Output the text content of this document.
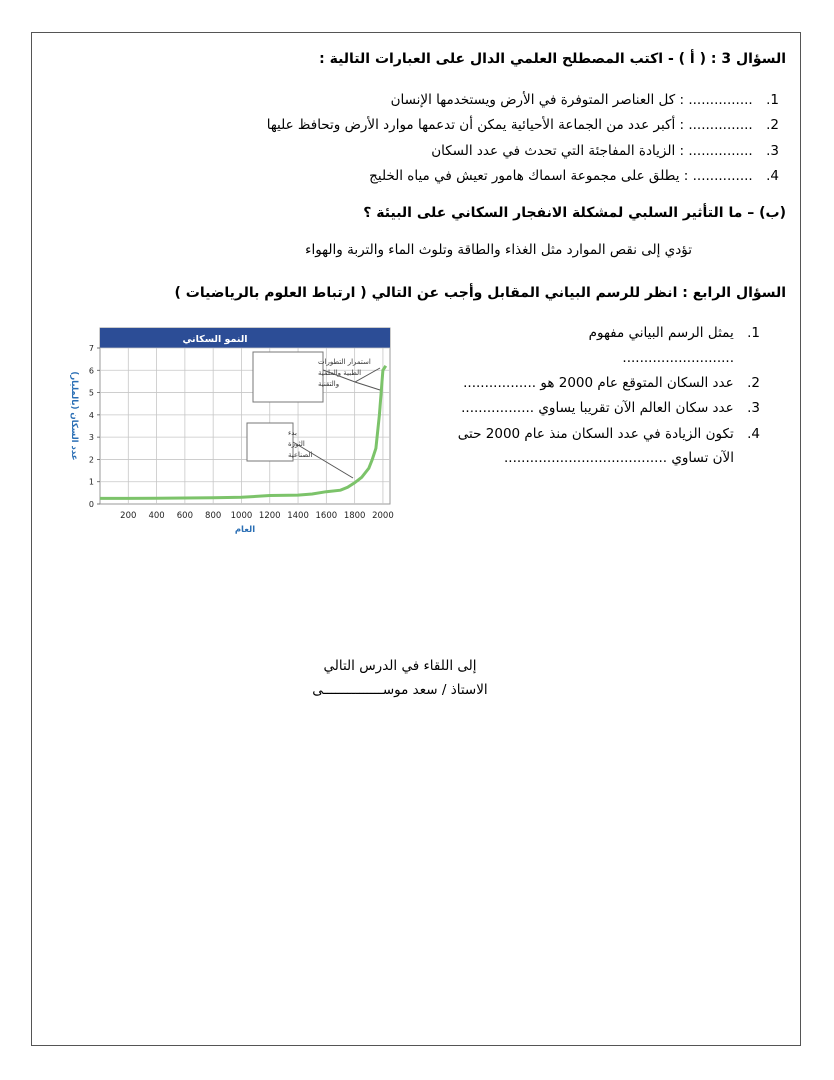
السؤال 3 : ( أ ) - اكتب المصطلح العلمي الدال على العبارات التالية :
1. ............... : كل العناصر المتوفرة في الأرض ويستخدمها الإنسان
2. ............... : أكبر عدد من الجماعة الأحيائية يمكن أن تدعمها موارد الأرض وتحافظ عليها
3. ............... : الزيادة المفاجئة التي تحدث في عدد السكان
4. .............. : يطلق على مجموعة اسماك هامور تعيش في مياه الخليج
(ب) – ما التأثير السلبي لمشكلة الانفجار السكاني على البيئة ؟
تؤدي إلى نقص الموارد مثل الغذاء والطاقة وتلوث الماء والتربة والهواء
السؤال الرابع : انظر للرسم البياني المقابل وأجب عن التالي ( ارتباط العلوم بالرياضيات )
1. يمثل الرسم البياني مفهوم
..........................
2. عدد السكان المتوقع عام 2000 هو .................
3. عدد سكان العالم الآن تقريبا يساوي .................
4. تكون الزيادة في عدد السكان منذ عام 2000 حتى
الآن تساوي ......................................
النمو السكاني
0
1
2
3
4
5
6
7
200 400 600 800 1000 1200 1400 1600 1800 2000
استمرار التطورات الطبية والعلمية والتقنية
بدء الثورة الصناعية
العام
عدد السكان (بالمليار)
إلى اللقاء في الدرس التالي
الاستاذ / سعد موســـــــــــــــى
